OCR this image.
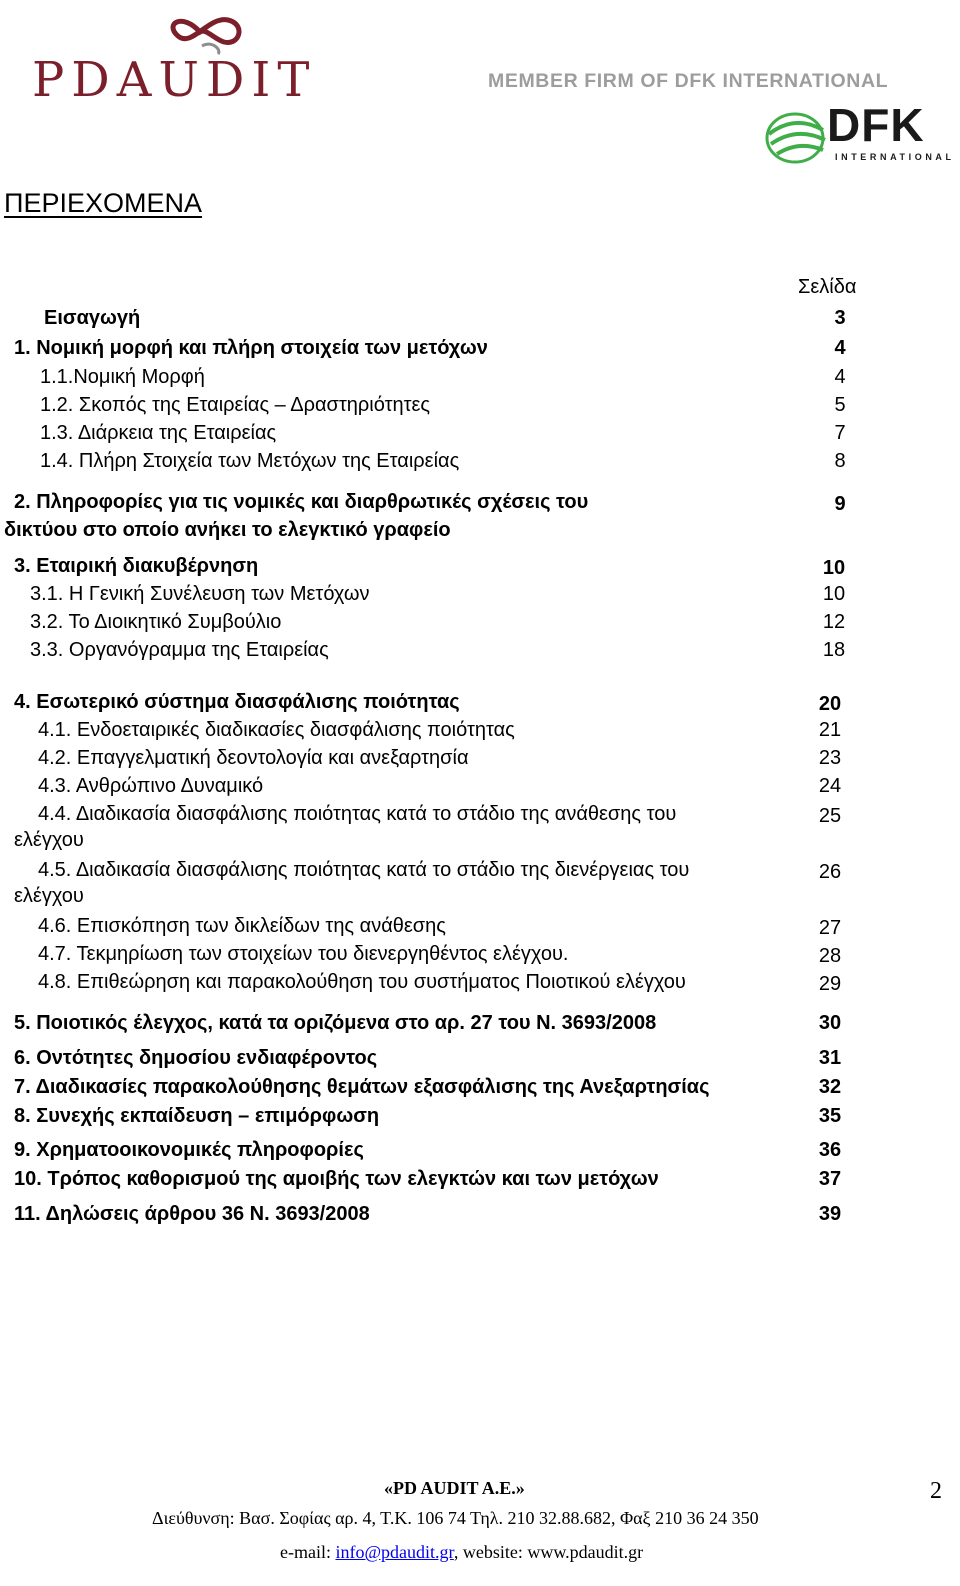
PDAUDIT	MEMBER FIRM OF DFK INTERNATIONAL
DFK
INTERNATIONAL
ΠΕΡΙΕΧΟΜΕΝΑ
Σελίδα
Εισαγωγή	3
1. Νομική μορφή και πλήρη στοιχεία των μετόχων	4
1.1.Νομική Μορφή	4
1.2. Σκοπός της Εταιρείας – Δραστηριότητες	5
1.3. Διάρκεια της Εταιρείας	7
1.4. Πλήρη Στοιχεία των Μετόχων της Εταιρείας	8
2. Πληροφορίες για τις νομικές και διαρθρωτικές σχέσεις του	9
δικτύου στο οποίο ανήκει το ελεγκτικό γραφείο
3. Εταιρική διακυβέρνηση	10
3.1. Η Γενική Συνέλευση των Μετόχων	10
3.2. Το Διοικητικό Συμβούλιο	12
3.3. Οργανόγραμμα της Εταιρείας	18
4. Εσωτερικό σύστημα διασφάλισης ποιότητας	20
4.1. Ενδοεταιρικές διαδικασίες διασφάλισης ποιότητας	21
4.2. Επαγγελματική δεοντολογία και ανεξαρτησία	23
4.3. Ανθρώπινο Δυναμικό	24
4.4. Διαδικασία διασφάλισης ποιότητας κατά το στάδιο της ανάθεσης του	25
ελέγχου
4.5. Διαδικασία διασφάλισης ποιότητας κατά το στάδιο της διενέργειας του	26
ελέγχου
4.6. Επισκόπηση των δικλείδων της ανάθεσης	27
4.7. Τεκμηρίωση των στοιχείων του διενεργηθέντος ελέγχου.	28
4.8. Επιθεώρηση και παρακολούθηση του συστήματος Ποιοτικού ελέγχου	29
5. Ποιοτικός έλεγχος, κατά τα οριζόμενα στο αρ. 27 του Ν. 3693/2008	30
6. Οντότητες δημοσίου ενδιαφέροντος	31
7. Διαδικασίες παρακολούθησης θεμάτων εξασφάλισης της Ανεξαρτησίας	32
8. Συνεχής εκπαίδευση – επιμόρφωση	35
9. Χρηματοοικονομικές πληροφορίες	36
10. Τρόπος καθορισμού της αμοιβής των ελεγκτών και των μετόχων	37
11. Δηλώσεις άρθρου 36 Ν. 3693/2008	39
«PD AUDIT A.E.»	2
Διεύθυνση: Βασ. Σοφίας αρ. 4, Τ.Κ. 106 74 Τηλ. 210 32.88.682, Φαξ 210 36 24 350
e-mail: info@pdaudit.gr, website: www.pdaudit.gr
